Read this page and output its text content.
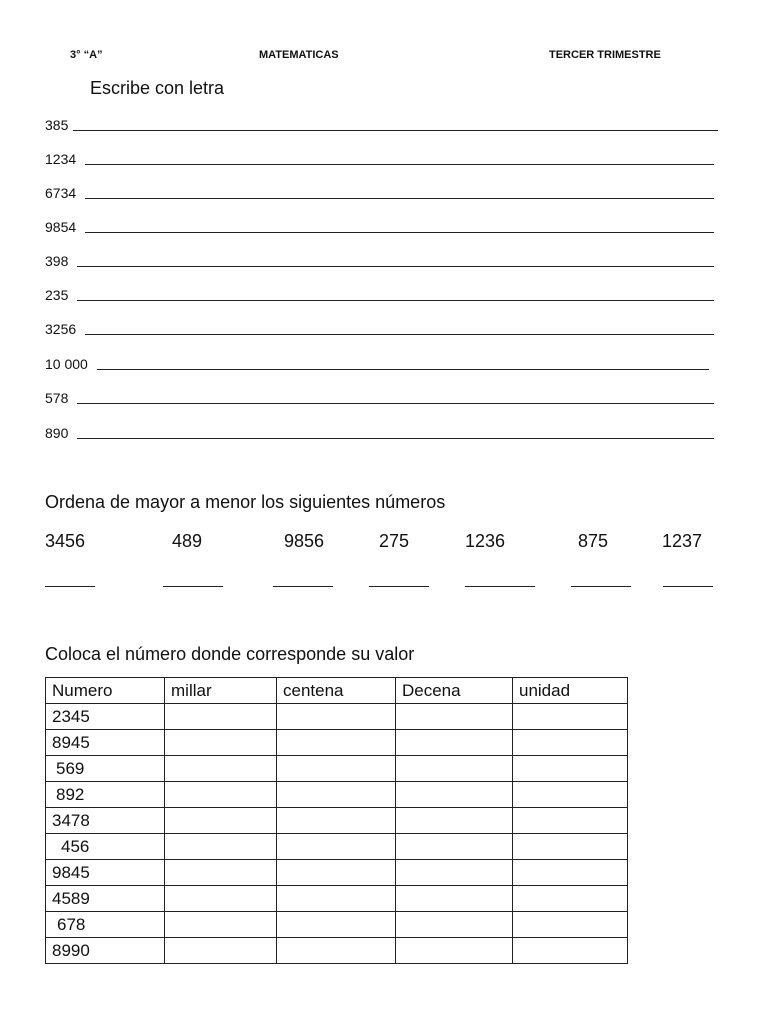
3° “A”	MATEMATICAS	TERCER TRIMESTRE
Escribe con letra
385
1234
6734
9854
398
235
3256
10 000
578
890
Ordena de mayor a menor los siguientes números
3456	489	9856	275	1236	875	1237
Coloca el número donde corresponde su valor
Numero	millar	centena	Decena	unidad
2345				
8945				
569				
892				
3478				
456				
9845				
4589				
678				
8990				
